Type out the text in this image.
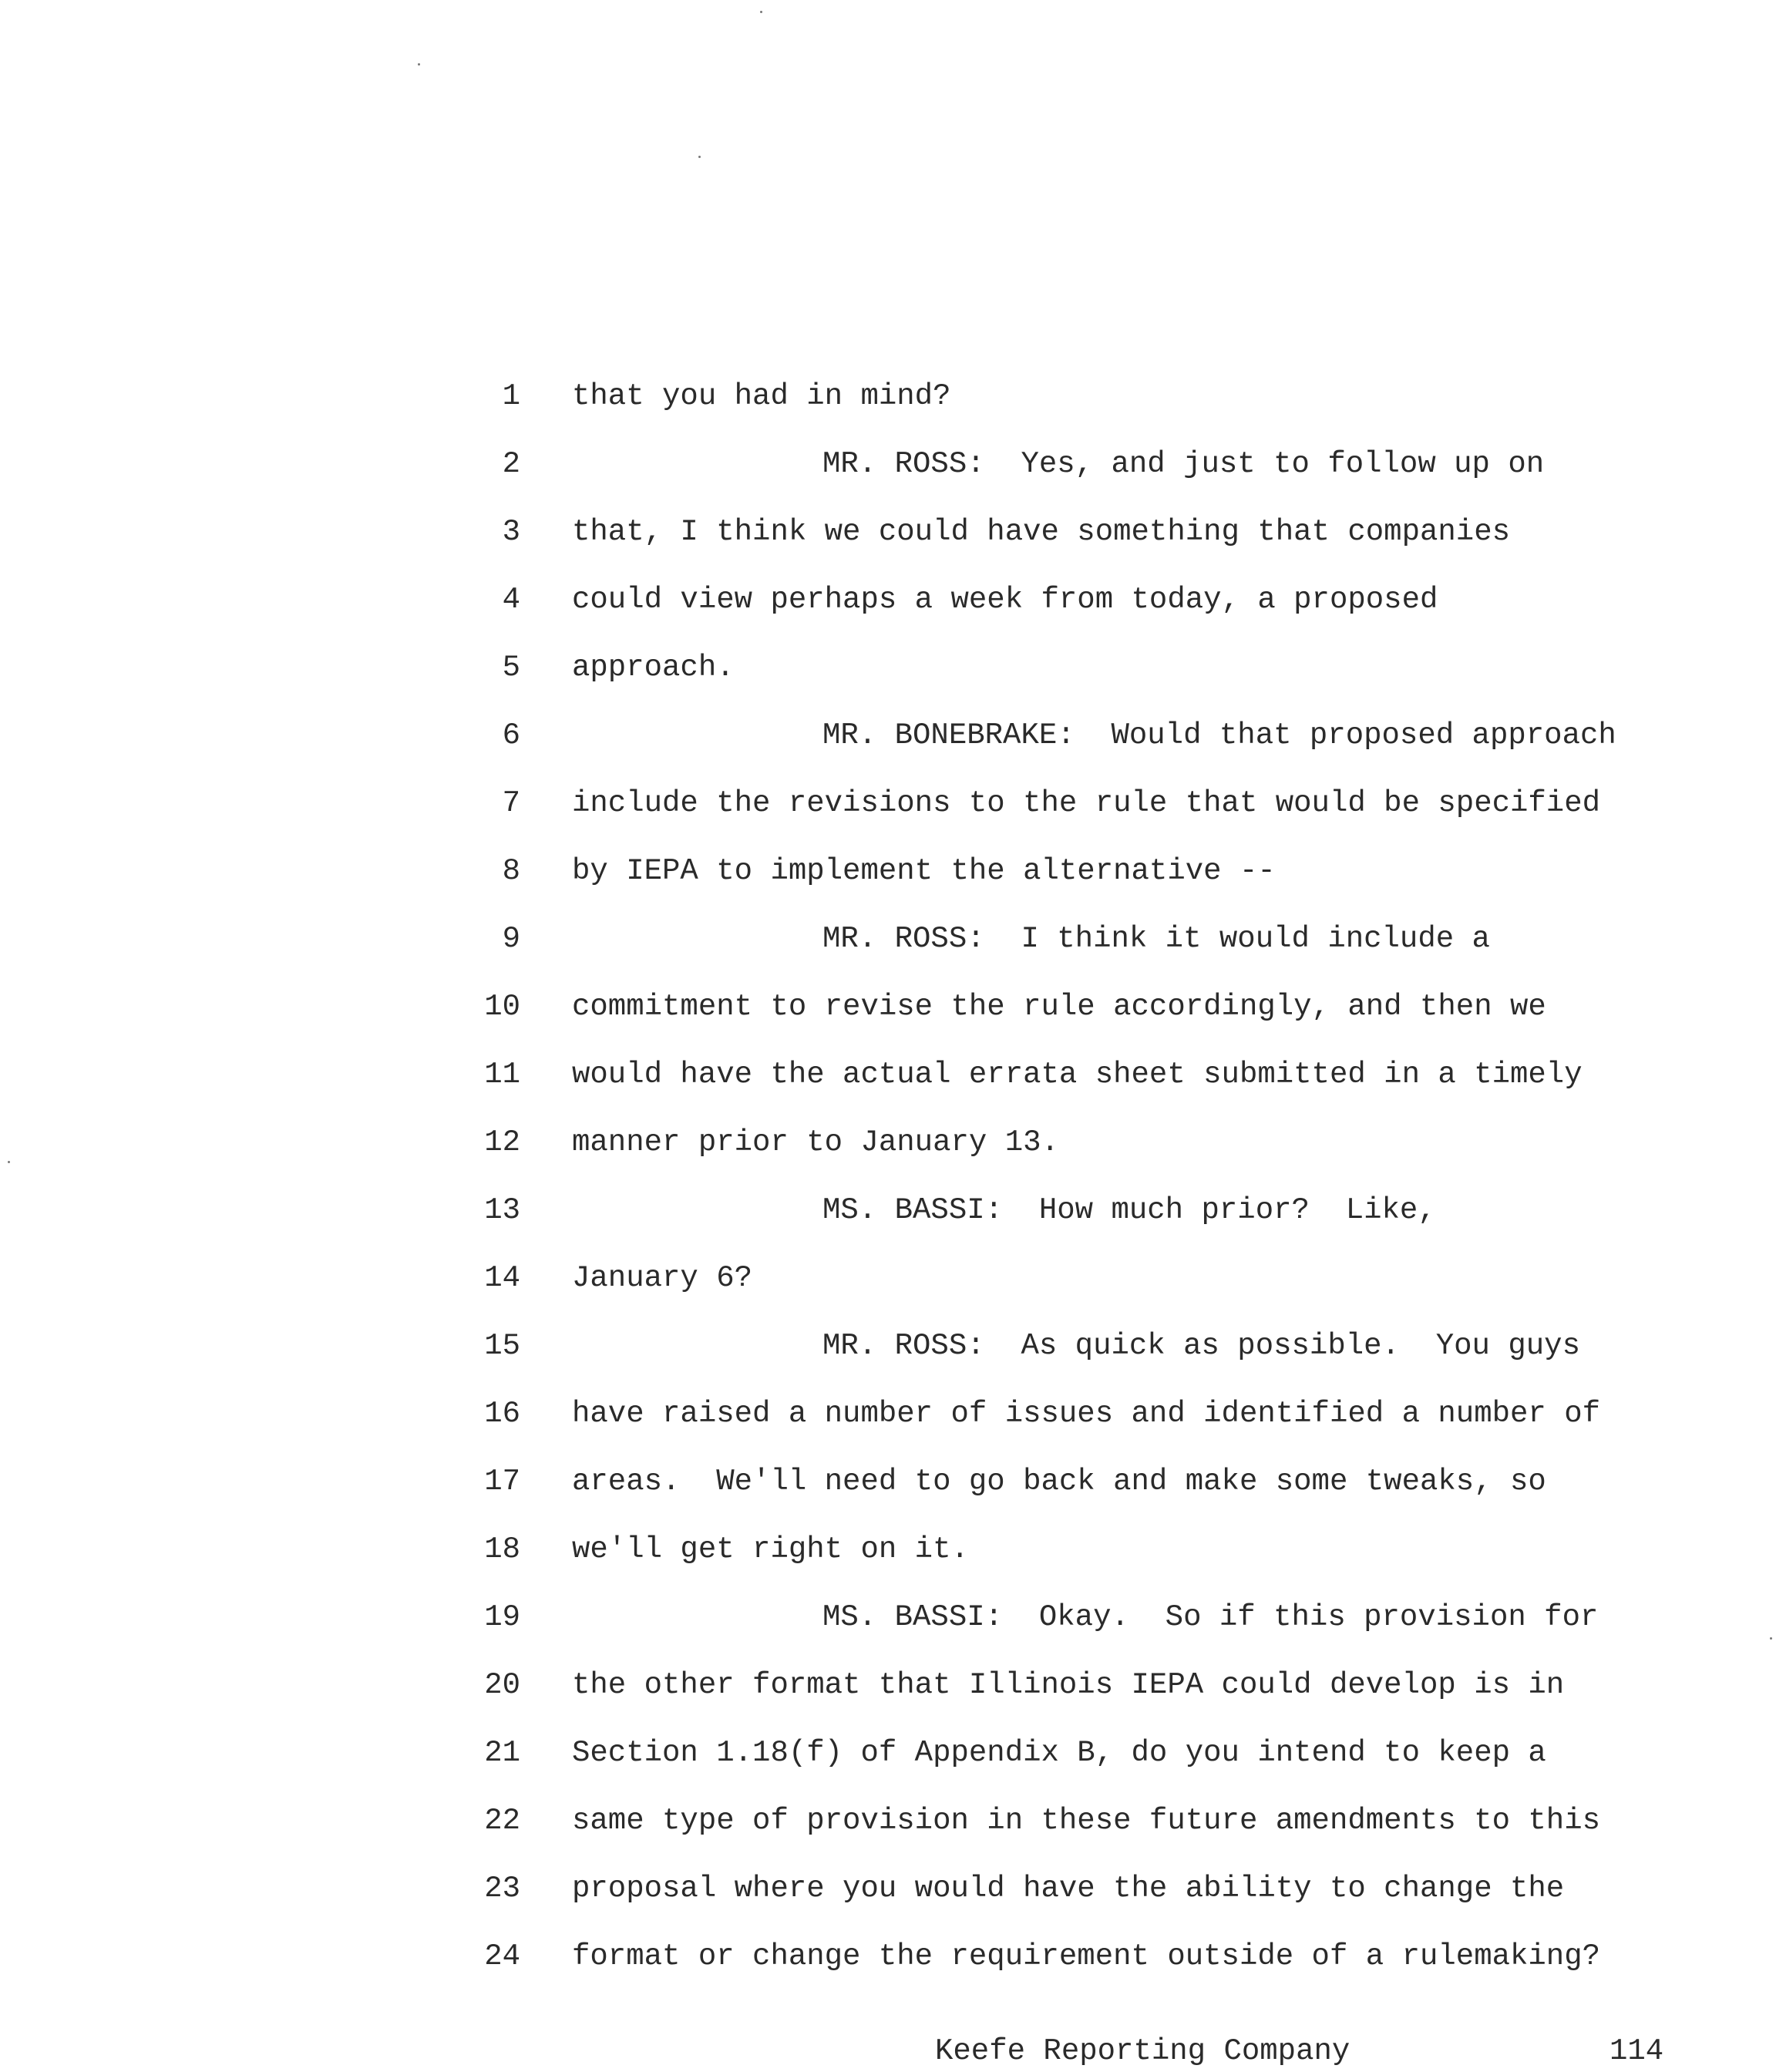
1 that you had in mind?
2	MR. ROSS: Yes, and just to follow up on
3 that, I think we could have something that companies
4 could view perhaps a week from today, a proposed
5 approach.
6	MR. BONEBRAKE: Would that proposed approach
7 include the revisions to the rule that would be specified
8 by IEPA to implement the alternative --
9	MR. ROSS: I think it would include a
10 commitment to revise the rule accordingly, and then we
11 would have the actual errata sheet submitted in a timely
12 manner prior to January 13.
13	MS. BASSI: How much prior?  Like,
14 January 6?
15	MR. ROSS: As quick as possible.  You guys
16 have raised a number of issues and identified a number of
17 areas.  We'll need to go back and make some tweaks, so
18 we'll get right on it.
19	MS. BASSI: Okay.  So if this provision for
20 the other format that Illinois IEPA could develop is in
21 Section 1.18(f) of Appendix B, do you intend to keep a
22 same type of provision in these future amendments to this
23 proposal where you would have the ability to change the
24 format or change the requirement outside of a rulemaking?
Keefe Reporting Company	114
